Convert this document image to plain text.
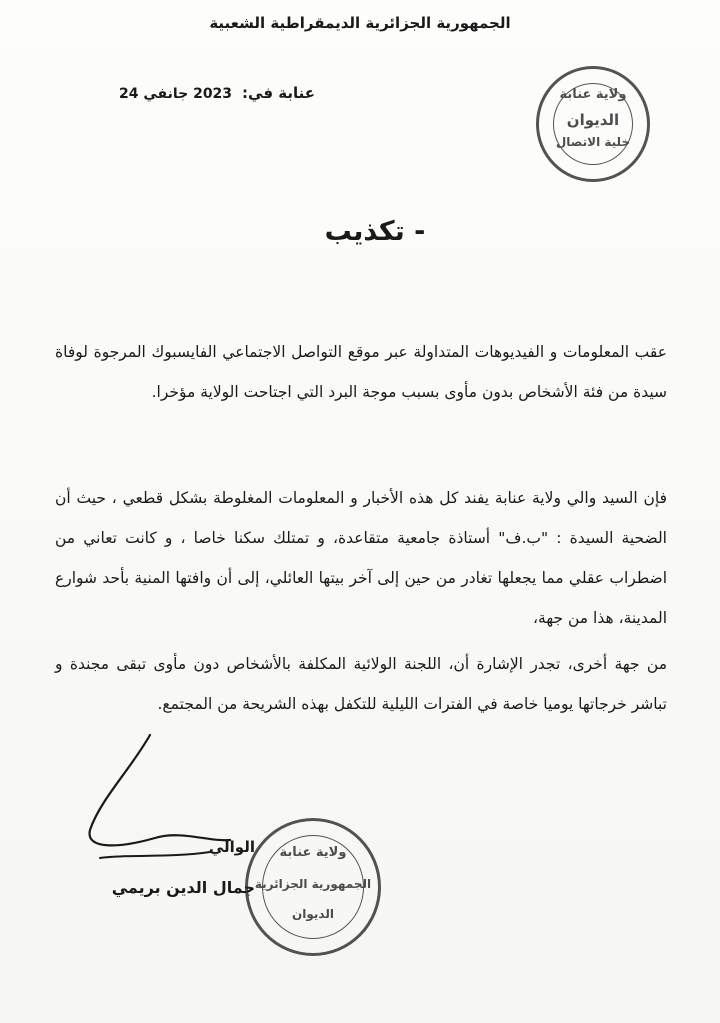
الجمهورية الجزائرية الديمقراطية الشعبية
عنابة في:
2023 جانفي 24	ولاية عنابة
الديوان
خلية الاتصال
- تكذيب
عقب المعلومات و الفيديوهات المتداولة عبر موقع التواصل الاجتماعي الفايسبوك المرجوة لوفاة سيدة من فئة الأشخاص بدون مأوى بسبب موجة البرد التي اجتاحت الولاية مؤخرا.
فإن السيد والي ولاية عنابة يفند كل هذه الأخبار و المعلومات المغلوطة بشكل قطعي ، حيث أن الضحية السيدة : "ب.ف" أستاذة جامعية متقاعدة، و تمتلك سكنا خاصا ، و كانت تعاني من اضطراب عقلي مما يجعلها تغادر من حين إلى آخر بيتها العائلي، إلى أن وافتها المنية بأحد شوارع المدينة، هذا من جهة،
من جهة أخرى، تجدر الإشارة أن، اللجنة الولائية المكلفة بالأشخاص دون مأوى تبقى مجندة و تباشر خرجاتها يوميا خاصة في الفترات الليلية للتكفل بهذه الشريحة من المجتمع.
الوالي
جمال الدين بريمي
ولاية عنابة
الجمهورية الجزائرية
الديوان
